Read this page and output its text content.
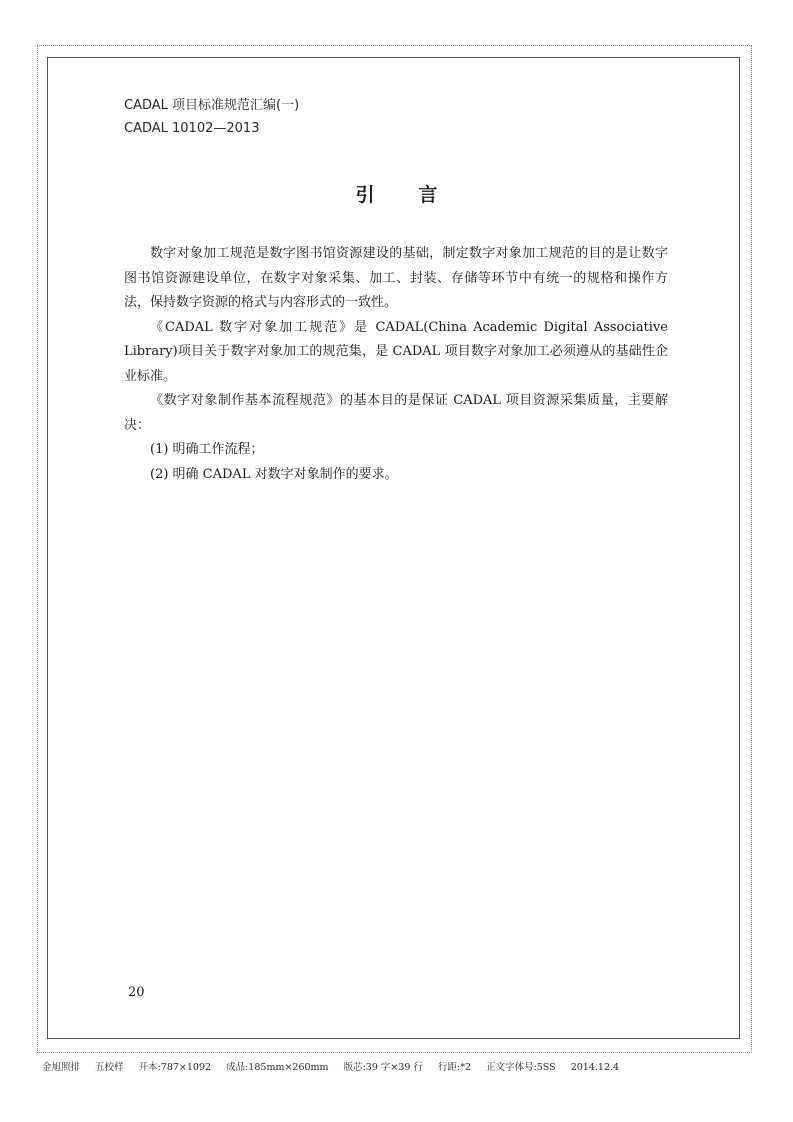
CADAL 项目标准规范汇编(一)
CADAL 10102—2013
引言

数字对象加工规范是数字图书馆资源建设的基础，制定数字对象加工规范的目的是让数字图书馆资源建设单位，在数字对象采集、加工、封装、存储等环节中有统一的规格和操作方法，保持数字资源的格式与内容形式的一致性。

《CADAL 数字对象加工规范》是 CADAL(China Academic Digital Associative Library)项目关于数字对象加工的规范集，是 CADAL 项目数字对象加工必须遵从的基础性企业标准。

《数字对象制作基本流程规范》的基本目的是保证 CADAL 项目资源采集质量，主要解决：

(1) 明确工作流程；

(2) 明确 CADAL 对数字对象制作的要求。

20
金旭照排 五校样 开本:787×1092 成品:185mm×260mm 版芯:39 字×39 行 行距:*2 正文字体号:5SS 2014.12.4
